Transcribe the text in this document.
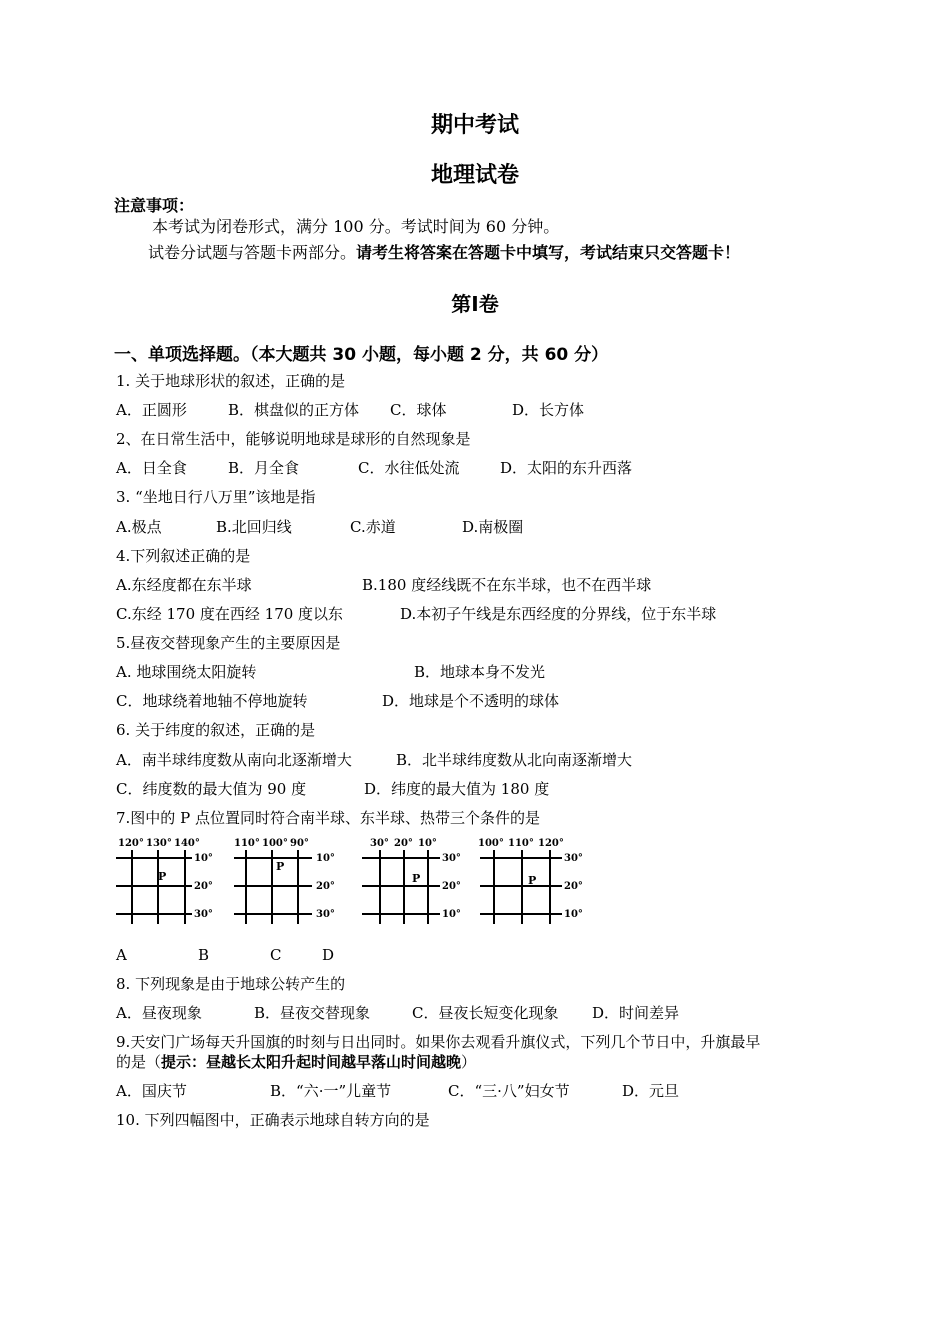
期中考试
地理试卷
注意事项：
本考试为闭卷形式，满分 100 分。考试时间为 60 分钟。
试卷分试题与答题卡两部分。请考生将答案在答题卡中填写，考试结束只交答题卡！
第Ⅰ卷
一、单项选择题。（本大题共 30 小题，每小题 2 分，共 60 分）
1. 关于地球形状的叙述，正确的是
A．正圆形	B．棋盘似的正方体 C．球体	D．长方体
2、在日常生活中，能够说明地球是球形的自然现象是
A．日全食	B．月全食	C．水往低处流	D．太阳的东升西落
3. “坐地日行八万里”该地是指
A.极点	B.北回归线	C.赤道	D.南极圈
4.下列叙述正确的是
A.东经度都在东半球	B.180 度经线既不在东半球，也不在西半球
C.东经 170 度在西经 170 度以东	D.本初子午线是东西经度的分界线，位于东半球
5.昼夜交替现象产生的主要原因是
A. 地球围绕太阳旋转	B．地球本身不发光
C．地球绕着地轴不停地旋转	D．地球是个不透明的球体
6. 关于纬度的叙述，正确的是
A．南半球纬度数从南向北逐渐增大	B．北半球纬度数从北向南逐渐增大
C．纬度数的最大值为 90 度	D．纬度的最大值为 180 度
7.图中的 P 点位置同时符合南半球、东半球、热带三个条件的是
120° 130° 140°
10°
20°
30°
P
110° 100° 90°
10°
20°
30°
P
30° 20° 10°
30°
20°
10°
P
100° 110° 120°
30°
20°
10°
P
A	B	C	D
8. 下列现象是由于地球公转产生的
A．昼夜现象	B．昼夜交替现象	C．昼夜长短变化现象 D．时间差异
9.天安门广场每天升国旗的时刻与日出同时。如果你去观看升旗仪式，下列几个节日中，升旗最早
的是（提示：昼越长太阳升起时间越早落山时间越晚）
A．国庆节	B．“六·一”儿童节	C．“三·八”妇女节	D．元旦
10. 下列四幅图中，正确表示地球自转方向的是
